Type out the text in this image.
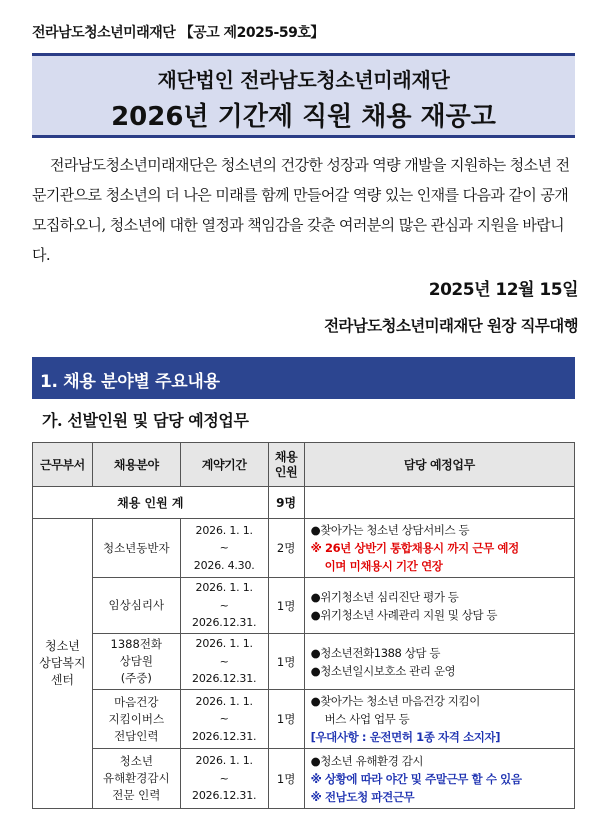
전라남도청소년미래재단 【공고 제2025-59호】
재단법인 전라남도청소년미래재단
2026년 기간제 직원 채용 재공고

전라남도청소년미래재단은 청소년의 건강한 성장과 역량 개발을 지원하는 청소년 전문기관으로 청소년의 더 나은 미래를 함께 만들어갈 역량 있는 인재를 다음과 같이 공개 모집하오니, 청소년에 대한 열정과 책임감을 갖춘 여러분의 많은 관심과 지원을 바랍니다.

2025년 12월 15일
전라남도청소년미래재단 원장 직무대행
1. 채용 분야별 주요내용
가. 선발인원 및 담당 예정업무
근무부서	채용분야	계약기간	채용
인원	담당 예정업무
채용 인원 계			9명	
청소년
상담복지
센터	청소년동반자	2026. 1. 1.
~
2026. 4.30.	2명	●찾아가는 청소년 상담서비스 등
※ 26년 상반기 통합채용시 까지 근무 예정

이며 미채용시 기간 연장

	임상심리사	2026. 1. 1.
~
2026.12.31.	1명	●위기청소년 심리진단 평가 등
●위기청소년 사례관리 지원 및 상담 등
	1388전화
상담원
(주중)	2026. 1. 1.
~
2026.12.31.	1명	●청소년전화1388 상담 등
●청소년일시보호소 관리 운영
	마음건강
지킴이버스
전담인력	2026. 1. 1.
~
2026.12.31.	1명	●찾아가는 청소년 마음건강 지킴이

버스 사업 업무 등
[우대사항 : 운전면허 1종 자격 소지자]
	청소년
유해환경감시
전문 인력	2026. 1. 1.
~
2026.12.31.	1명	●청소년 유해환경 감시
※ 상황에 따라 야간 및 주말근무 할 수 있음
※ 전남도청 파견근무
